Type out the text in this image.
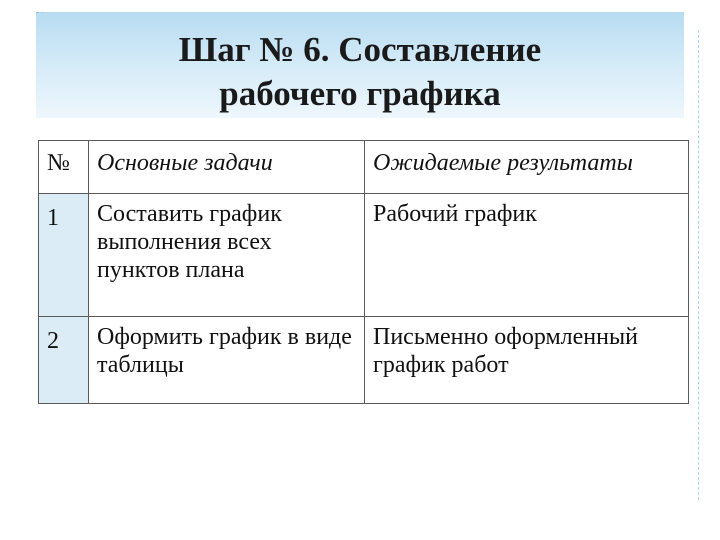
Шаг № 6. Составление
рабочего графика
№	Основные задачи	Ожидаемые результаты

1	Составить график выполнения всех пунктов плана	Рабочий график

2	Оформить график в виде таблицы	Письменно оформленный график работ
